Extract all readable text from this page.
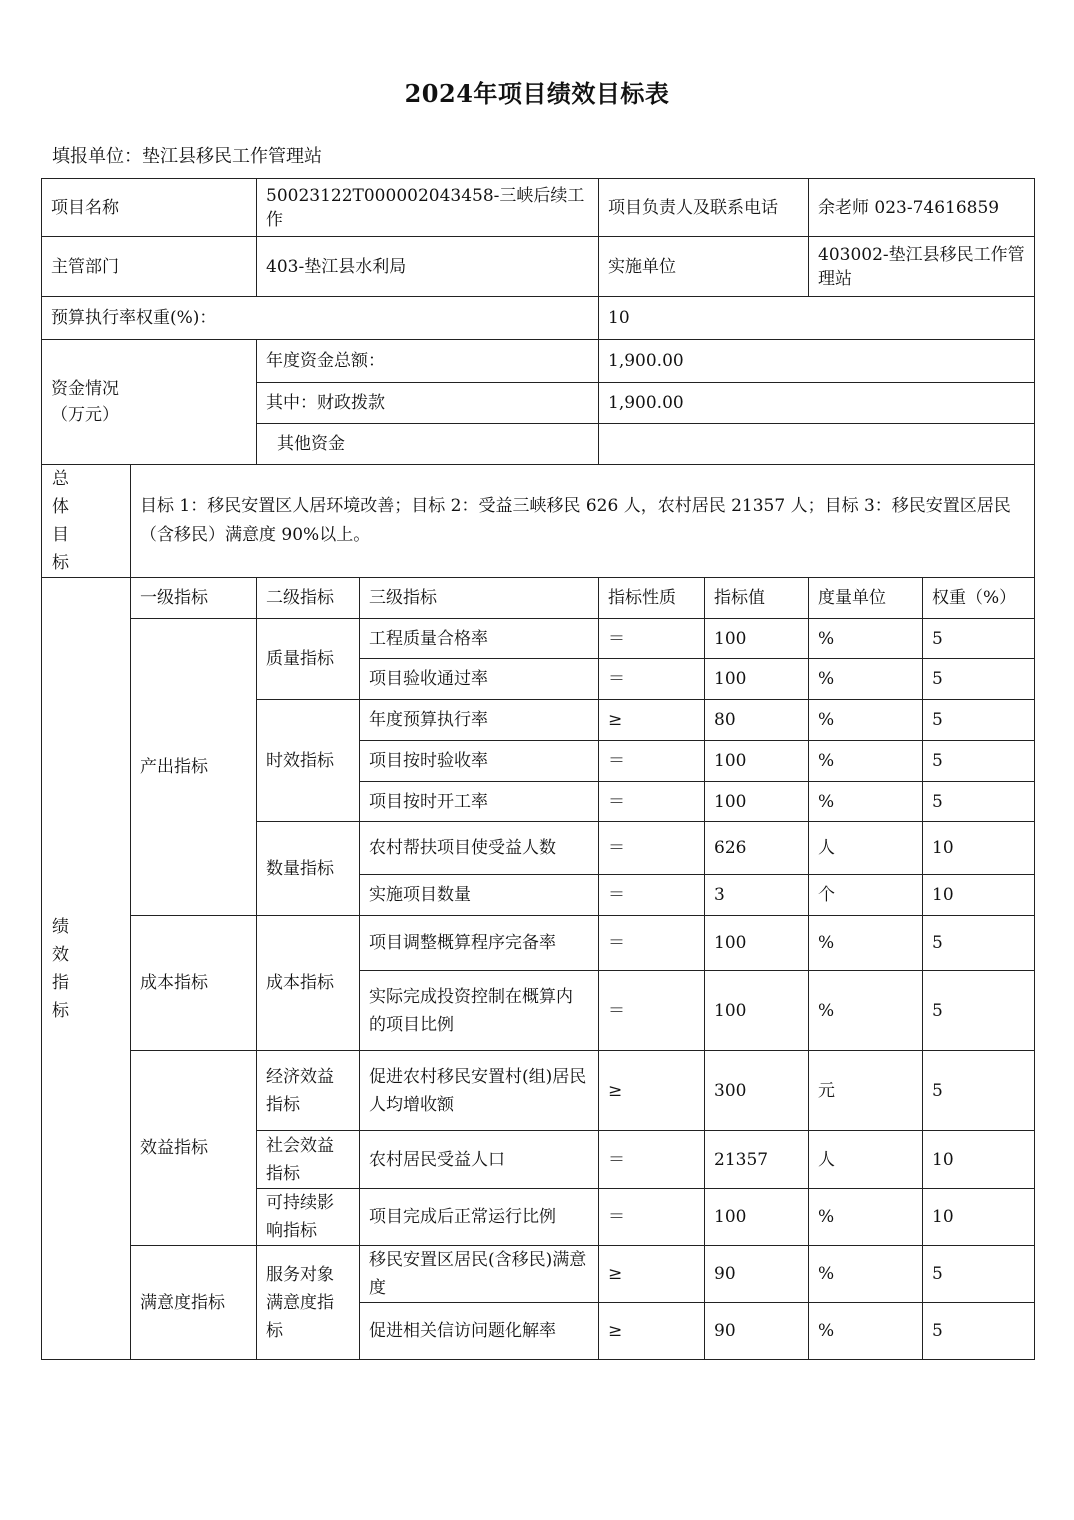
2024年项目绩效目标表
填报单位：垫江县移民工作管理站
项目名称		50023122T000002043458-三峡后续工作		项目负责人及联系电话		余老师 023-74616859	
主管部门		403-垫江县水利局		实施单位		403002-垫江县移民工作管理站	
预算执行率权重(%)：				10			

资金情况
（万元）		年度资金总额：		1,900.00			
		其中：财政拨款		1,900.00			
		其他资金					

总
体
目
标	目标 1：移民安置区人居环境改善；目标 2：受益三峡移民 626 人，农村居民 21357 人；目标 3：移民安置区居民（含移民）满意度 90%以上。						

绩
效
指
标	一级指标	二级指标	三级指标	指标性质	指标值	度量单位	权重（%）
	产出指标	质量指标	工程质量合格率	＝	100	%	5
			项目验收通过率	＝	100	%	5
		时效指标	年度预算执行率	≥	80	%	5
			项目按时验收率	＝	100	%	5
			项目按时开工率	＝	100	%	5
		数量指标	农村帮扶项目使受益人数	＝	626	人	10
			实施项目数量	＝	3	个	10
	成本指标	成本指标	项目调整概算程序完备率	＝	100	%	5
			实际完成投资控制在概算内的项目比例	＝	100	%	5
	效益指标	经济效益指标	促进农村移民安置村(组)居民人均增收额	≥	300	元	5
		社会效益指标	农村居民受益人口	＝	21357	人	10
		可持续影响指标	项目完成后正常运行比例	＝	100	%	10
	满意度指标	服务对象满意度指标	移民安置区居民(含移民)满意度	≥	90	%	5
			促进相关信访问题化解率	≥	90	%	5
